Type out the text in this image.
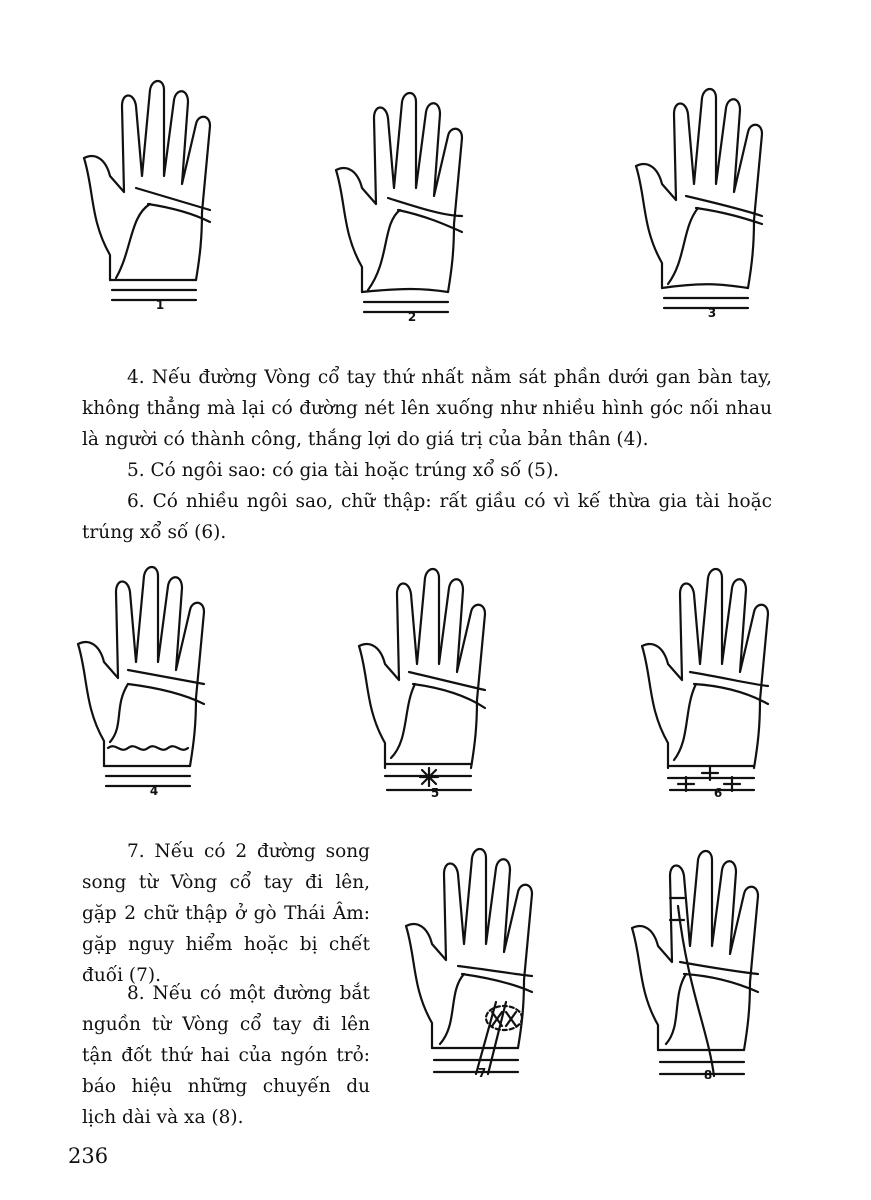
1
2	3

4. Nếu đường Vòng cổ tay thứ nhất nằm sát phần dưới gan bàn tay, không thẳng mà lại có đường nét lên xuống như nhiều hình góc nối nhau là người có thành công, thắng lợi do giá trị của bản thân (4).

5. Có ngôi sao: có gia tài hoặc trúng xổ số (5).

6. Có nhiều ngôi sao, chữ thập: rất giầu có vì kế thừa gia tài hoặc trúng xổ số (6).

4	5	6

7. Nếu có 2 đường song song từ Vòng cổ tay đi lên, gặp 2 chữ thập ở gò Thái Âm: gặp nguy hiểm hoặc bị chết đuối (7).

8. Nếu có một đường bắt nguồn từ Vòng cổ tay đi lên tận đốt thứ hai của ngón trỏ: báo hiệu những chuyến du lịch dài và xa (8).

7	8
236
